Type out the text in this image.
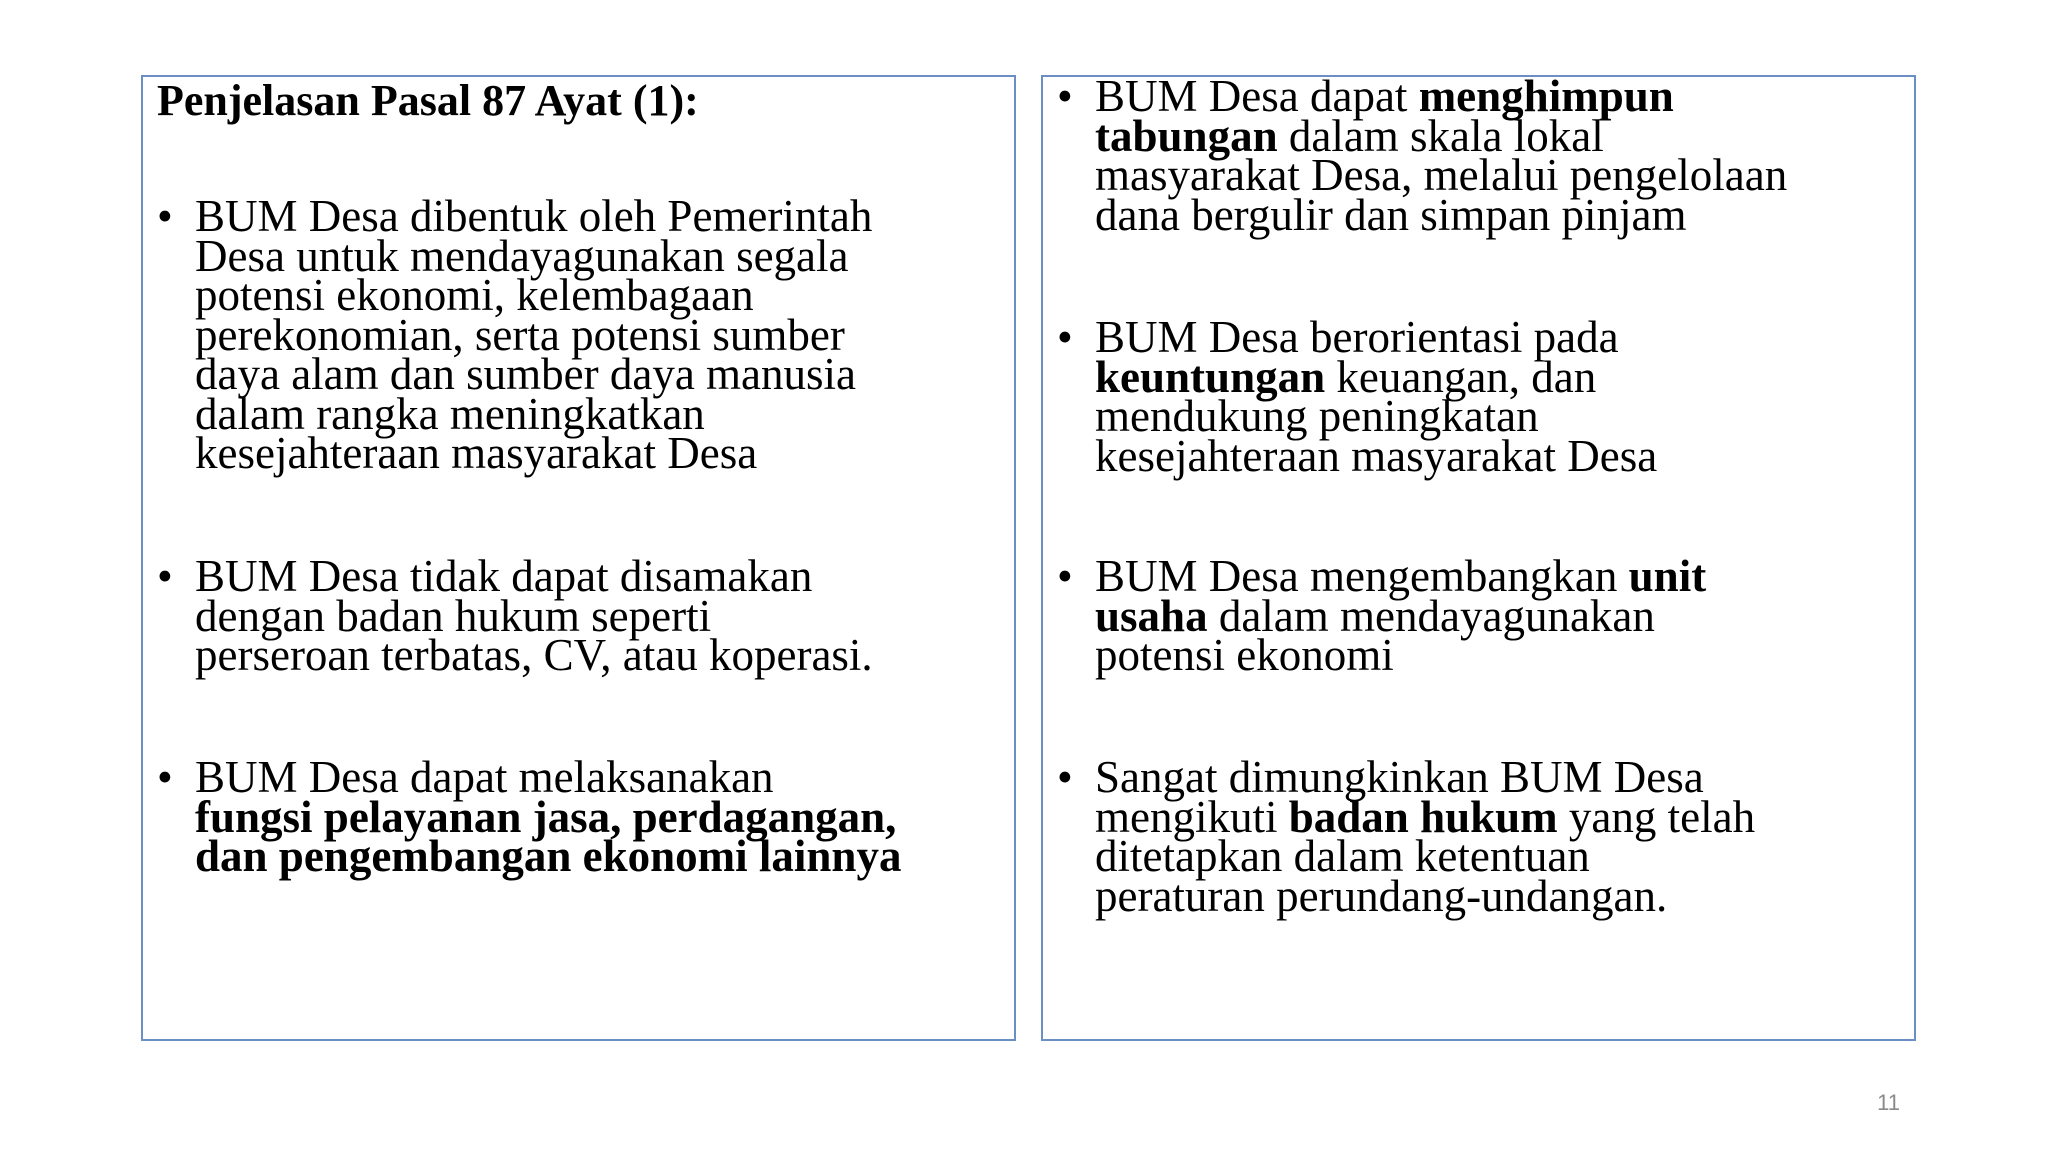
Penjelasan Pasal 87 Ayat (1):

• BUM Desa dibentuk oleh Pemerintah
Desa untuk mendayagunakan segala
potensi ekonomi, kelembagaan
perekonomian, serta potensi sumber
daya alam dan sumber daya manusia
dalam rangka meningkatkan
kesejahteraan masyarakat Desa
• BUM Desa tidak dapat disamakan
dengan badan hukum seperti
perseroan terbatas, CV, atau koperasi.
• BUM Desa dapat melaksanakan
fungsi pelayanan jasa, perdagangan,
dan pengembangan ekonomi lainnya
• BUM Desa dapat menghimpun
tabungan dalam skala lokal
masyarakat Desa, melalui pengelolaan
dana bergulir dan simpan pinjam
• BUM Desa berorientasi pada
keuntungan keuangan, dan
mendukung peningkatan
kesejahteraan masyarakat Desa
• BUM Desa mengembangkan unit
usaha dalam mendayagunakan
potensi ekonomi
• Sangat dimungkinkan BUM Desa
mengikuti badan hukum yang telah
ditetapkan dalam ketentuan
peraturan perundang-undangan.
11
